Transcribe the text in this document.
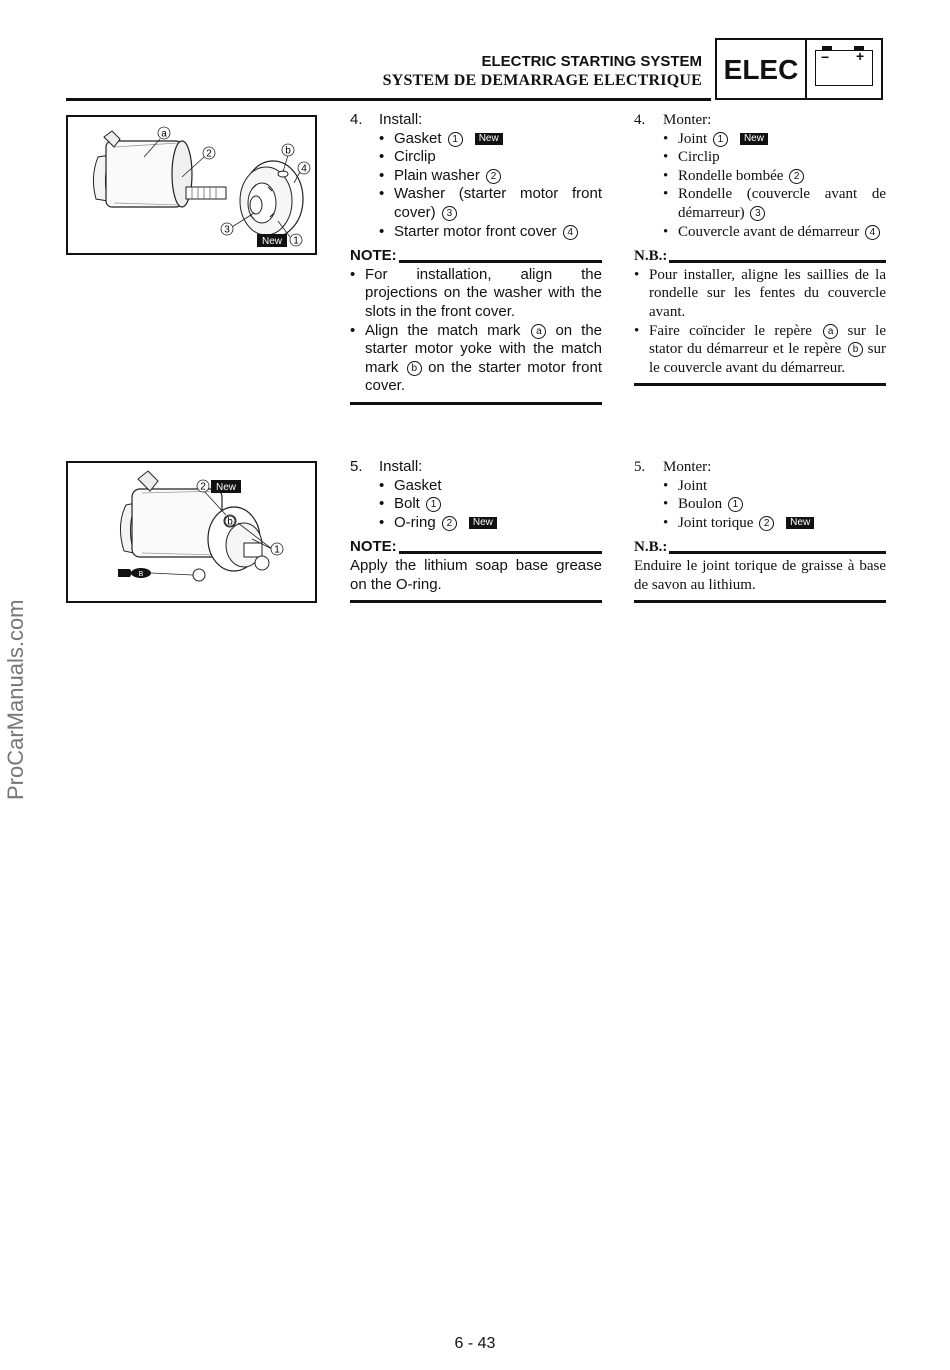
ELECTRIC STARTING SYSTEM
SYSTEM DE DEMARRAGE ELECTRIQUE ELEC	− +
a
2	b
4
3
New 1
B
2 New
b
1
4. Install:
• Gasket 1 New
• Circlip
• Plain washer 2
• Washer (starter motor front cover) 3
• Starter motor front cover 4
NOTE:
• For installation, align the projections on the washer with the slots in the front cover.
• Align the match mark a on the starter motor yoke with the match mark b on the starter motor front cover.
4. Monter:
• Joint 1 New
• Circlip
• Rondelle bombée 2
• Rondelle (couvercle avant de démarreur) 3
• Couvercle avant de démarreur 4
N.B.:
• Pour installer, aligne les saillies de la rondelle sur les fentes du couvercle avant.
• Faire coïncider le repère a sur le stator du démarreur et le repère b sur le couvercle avant du démarreur.
5. Install:
• Gasket
• Bolt 1
• O-ring 2 New
NOTE:
Apply the lithium soap base grease on the O-ring.
5. Monter:
• Joint
• Boulon 1
• Joint torique 2 New
N.B.:
Enduire le joint torique de graisse à base de savon au lithium.
ProCarManuals.com
6 - 43
